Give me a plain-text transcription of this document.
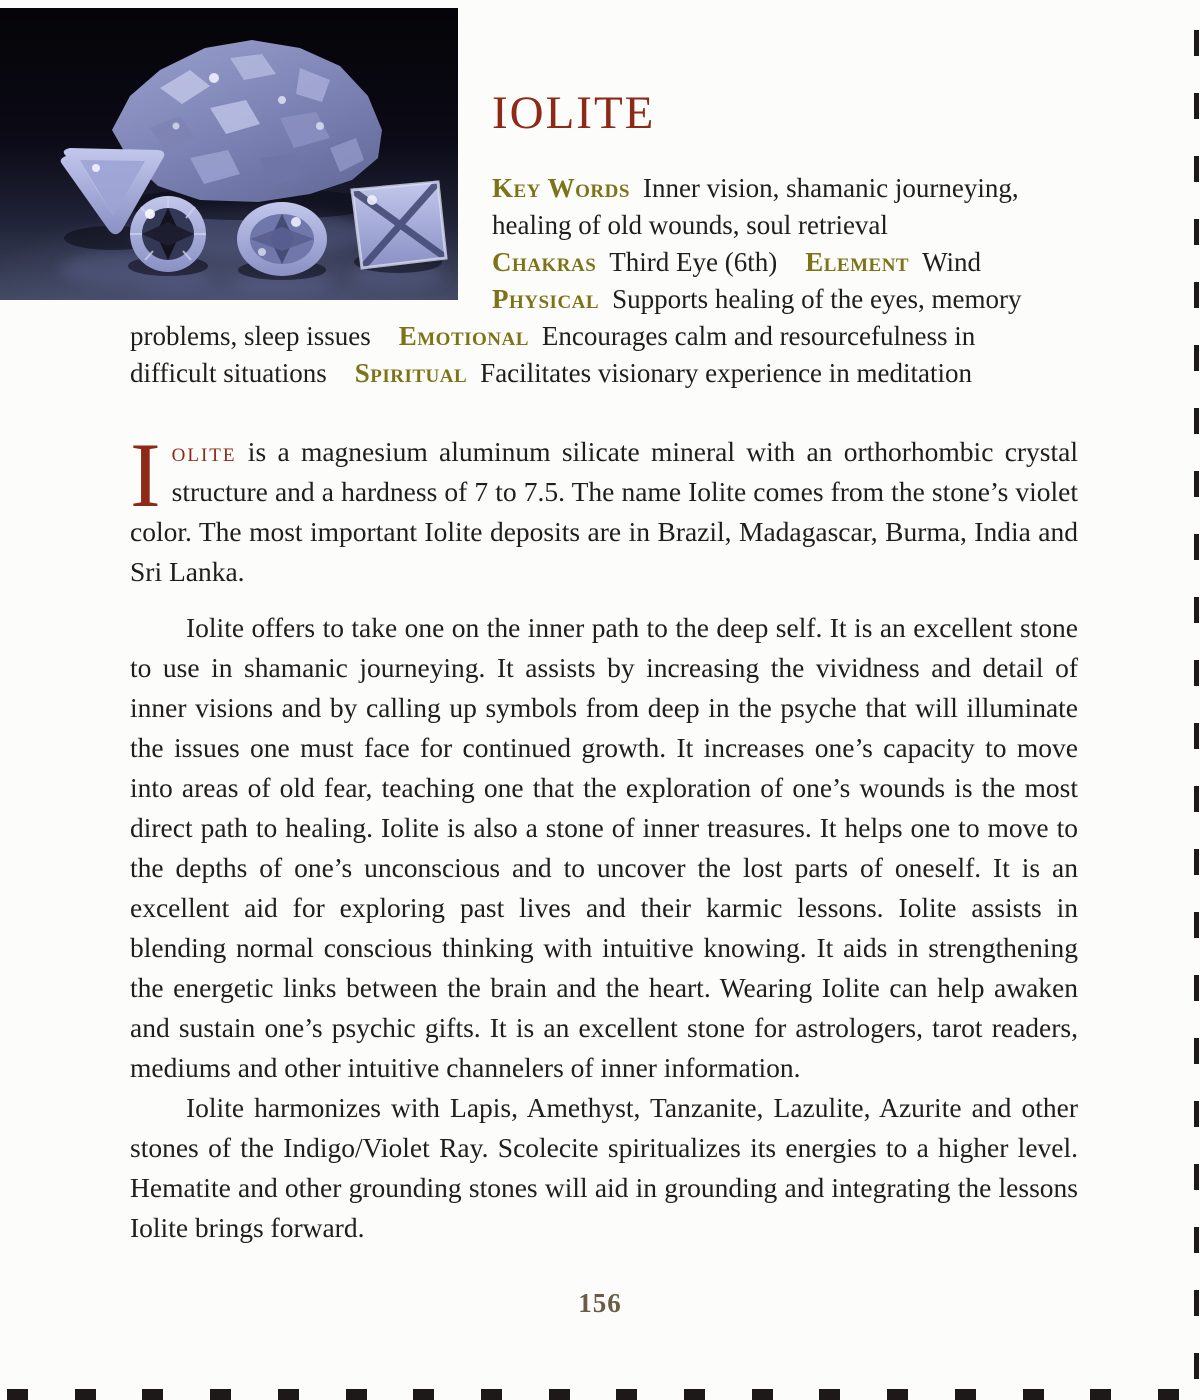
IOLITE
Key Words Inner vision, shamanic journeying,
healing of old wounds, soul retrieval
Chakras Third Eye (6th) Element Wind
Physical Supports healing of the eyes, memory
problems, sleep issues Emotional Encourages calm and resourcefulness in
difficult situations Spiritual Facilitates visionary experience in meditation

Iolite is a magnesium aluminum silicate mineral with an orthorhombic crystal structure and a hardness of 7 to 7.5. The name Iolite comes from the stone’s violet color. The most important Iolite deposits are in Brazil, Madagascar, Burma, India and Sri Lanka.

Iolite offers to take one on the inner path to the deep self. It is an excellent stone to use in shamanic journeying. It assists by increasing the vividness and detail of inner visions and by calling up symbols from deep in the psyche that will illuminate the issues one must face for continued growth. It increases one’s capacity to move into areas of old fear, teaching one that the exploration of one’s wounds is the most direct path to healing. Iolite is also a stone of inner treasures. It helps one to move to the depths of one’s unconscious and to uncover the lost parts of oneself. It is an excellent aid for exploring past lives and their karmic lessons. Iolite assists in blending normal conscious thinking with intuitive knowing. It aids in strengthening the energetic links between the brain and the heart. Wearing Iolite can help awaken and sustain one’s psychic gifts. It is an excellent stone for astrologers, tarot readers, mediums and other intuitive channelers of inner information.

Iolite harmonizes with Lapis, Amethyst, Tanzanite, Lazulite, Azurite and other stones of the Indigo/Violet Ray. Scolecite spiritualizes its energies to a higher level. Hematite and other grounding stones will aid in grounding and integrating the lessons Iolite brings forward.

156
